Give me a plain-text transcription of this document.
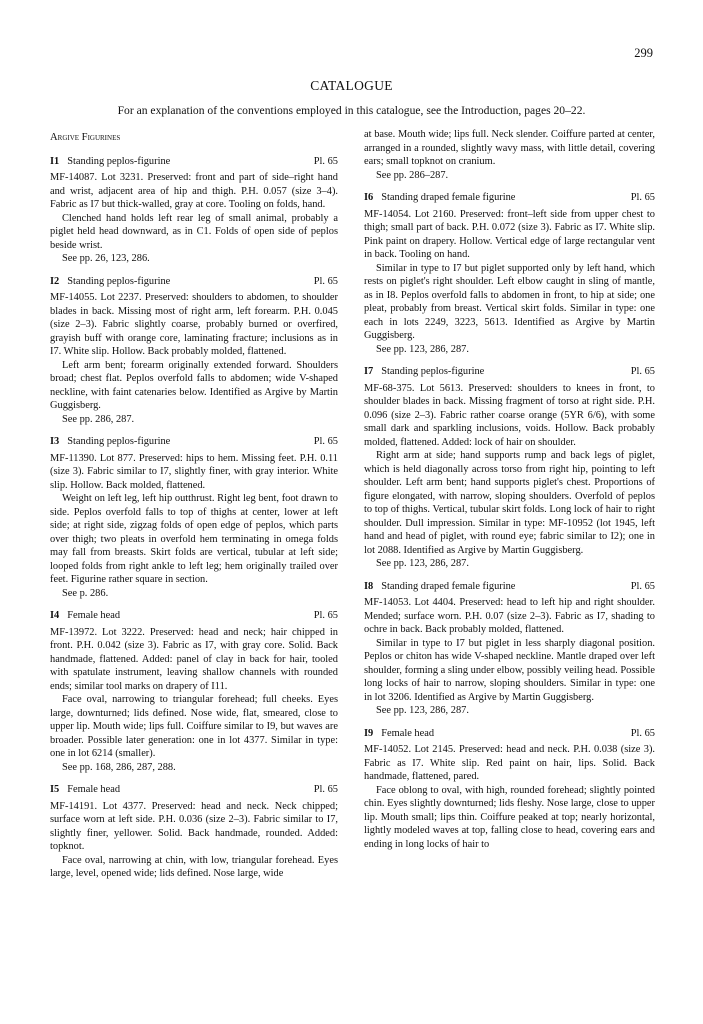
299
CATALOGUE
For an explanation of the conventions employed in this catalogue, see the Introduction, pages 20–22.
Argive Figurines
I1 Standing peplos-figurine	Pl. 65

MF-14087. Lot 3231. Preserved: front and part of side–right hand and wrist, adjacent area of hip and thigh. P.H. 0.057 (size 3–4). Fabric as I7 but thick-walled, gray at core. Tooling on folds, hand.

Clenched hand holds left rear leg of small animal, probably a piglet held head downward, as in C1. Folds of open side of peplos beside wrist.

See pp. 26, 123, 286.

I2 Standing peplos-figurine	Pl. 65

MF-14055. Lot 2237. Preserved: shoulders to abdomen, to shoulder blades in back. Missing most of right arm, left forearm. P.H. 0.045 (size 2–3). Fabric slightly coarse, probably burned or overfired, grayish buff with orange core, laminating fracture; inclusions as in I7. White slip. Hollow. Back probably molded, flattened.

Left arm bent; forearm originally extended forward. Shoulders broad; chest flat. Peplos overfold falls to abdomen; wide V-shaped neckline, with faint catenaries below. Identified as Argive by Martin Guggisberg.

See pp. 286, 287.

I3 Standing peplos-figurine	Pl. 65

MF-11390. Lot 877. Preserved: hips to hem. Missing feet. P.H. 0.11 (size 3). Fabric similar to I7, slightly finer, with gray interior. White slip. Hollow. Back molded, flattened.

Weight on left leg, left hip outthrust. Right leg bent, foot drawn to side. Peplos overfold falls to top of thighs at center, lower at left side; at right side, zigzag folds of open edge of peplos, which parts over thigh; two pleats in overfold hem terminating in omega folds may fall from breasts. Skirt folds are vertical, tubular at left side; looped folds from right ankle to left leg; hem originally trailed over feet. Figurine rather square in section.

See p. 286.

I4 Female head	Pl. 65

MF-13972. Lot 3222. Preserved: head and neck; hair chipped in front. P.H. 0.042 (size 3). Fabric as I7, with gray core. Solid. Back handmade, flattened. Added: panel of clay in back for hair, tooled with spatulate instrument, leaving shallow channels with rounded ends; similar tool marks on drapery of I11.

Face oval, narrowing to triangular forehead; full cheeks. Eyes large, downturned; lids defined. Nose wide, flat, smeared, close to upper lip. Mouth wide; lips full. Coiffure similar to I9, but waves are broader. Possible later generation: one in lot 4377. Similar in type: one in lot 6214 (smaller).

See pp. 168, 286, 287, 288.

I5 Female head	Pl. 65

MF-14191. Lot 4377. Preserved: head and neck. Neck chipped; surface worn at left side. P.H. 0.036 (size 2–3). Fabric similar to I7, slightly finer, yellower. Solid. Back handmade, rounded. Added: topknot.

Face oval, narrowing at chin, with low, triangular forehead. Eyes large, level, opened wide; lids defined. Nose large, wide

at base. Mouth wide; lips full. Neck slender. Coiffure parted at center, arranged in a rounded, slightly wavy mass, with little detail, covering ears; small topknot on cranium.

See pp. 286–287.

I6 Standing draped female figurine	Pl. 65

MF-14054. Lot 2160. Preserved: front–left side from upper chest to thigh; small part of back. P.H. 0.072 (size 3). Fabric as I7. White slip. Pink paint on drapery. Hollow. Vertical edge of large rectangular vent in back. Tooling on hand.

Similar in type to I7 but piglet supported only by left hand, which rests on piglet's right shoulder. Left elbow caught in sling of mantle, as in I8. Peplos overfold falls to abdomen in front, to hip at side; one pleat, probably from breast. Vertical skirt folds. Similar in type: one each in lots 2249, 3223, 5613. Identified as Argive by Martin Guggisberg.

See pp. 123, 286, 287.

I7 Standing peplos-figurine	Pl. 65

MF-68-375. Lot 5613. Preserved: shoulders to knees in front, to shoulder blades in back. Missing fragment of torso at right side. P.H. 0.096 (size 2–3). Fabric rather coarse orange (5YR 6/6), with some small dark and sparkling inclusions, voids. Hollow. Back probably molded, flattened. Added: lock of hair on shoulder.

Right arm at side; hand supports rump and back legs of piglet, which is held diagonally across torso from right hip, pointing to left shoulder. Left arm bent; hand supports piglet's chest. Proportions of figure elongated, with narrow, sloping shoulders. Overfold of peplos to top of thighs. Vertical, tubular skirt folds. Long lock of hair to right shoulder. Dull impression. Similar in type: MF-10952 (lot 1945, left hand and head of piglet, with round eye; fabric similar to I2); one in lot 2088. Identified as Argive by Martin Guggisberg.

See pp. 123, 286, 287.

I8 Standing draped female figurine	Pl. 65

MF-14053. Lot 4404. Preserved: head to left hip and right shoulder. Mended; surface worn. P.H. 0.07 (size 2–3). Fabric as I7, shading to ochre in back. Back probably molded, flattened.

Similar in type to I7 but piglet in less sharply diagonal position. Peplos or chiton has wide V-shaped neckline. Mantle draped over left shoulder, forming a sling under elbow, possibly veiling head. Possible long locks of hair to narrow, sloping shoulders. Similar in type: one in lot 3206. Identified as Argive by Martin Guggisberg.

See pp. 123, 286, 287.

I9 Female head	Pl. 65

MF-14052. Lot 2145. Preserved: head and neck. P.H. 0.038 (size 3). Fabric as I7. White slip. Red paint on hair, lips. Solid. Back handmade, flattened, pared.

Face oblong to oval, with high, rounded forehead; slightly pointed chin. Eyes slightly downturned; lids fleshy. Nose large, close to upper lip. Mouth small; lips thin. Coiffure peaked at top; nearly horizontal, lightly modeled waves at top, falling close to head, covering ears and ending in long locks of hair to
